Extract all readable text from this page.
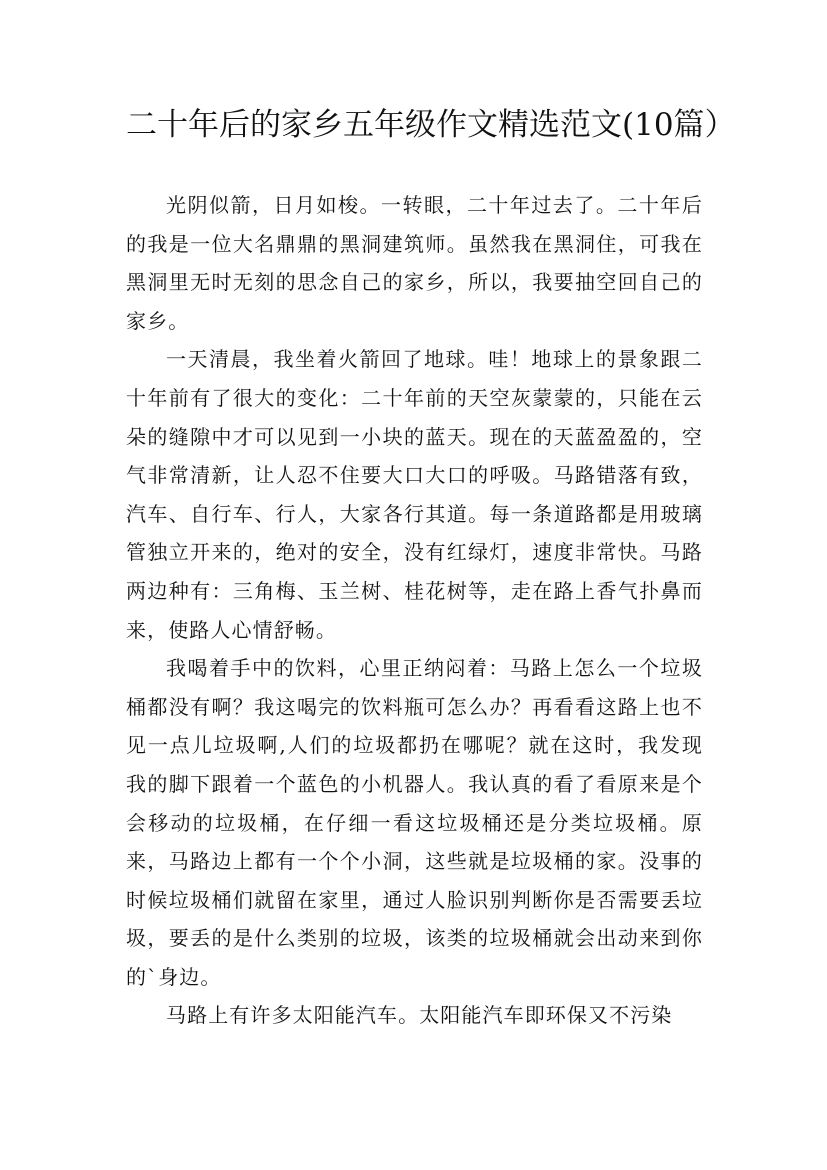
二十年后的家乡五年级作文精选范文(10篇）

光阴似箭，日月如梭。一转眼，二十年过去了。二十年后的我是一位大名鼎鼎的黑洞建筑师。虽然我在黑洞住，可我在黑洞里无时无刻的思念自己的家乡，所以，我要抽空回自己的家乡。

一天清晨，我坐着火箭回了地球。哇！地球上的景象跟二十年前有了很大的变化：二十年前的天空灰蒙蒙的，只能在云朵的缝隙中才可以见到一小块的蓝天。现在的天蓝盈盈的，空气非常清新，让人忍不住要大口大口的呼吸。马路错落有致，汽车、自行车、行人，大家各行其道。每一条道路都是用玻璃管独立开来的，绝对的安全，没有红绿灯，速度非常快。马路两边种有：三角梅、玉兰树、桂花树等，走在路上香气扑鼻而来，使路人心情舒畅。

我喝着手中的饮料，心里正纳闷着：马路上怎么一个垃圾桶都没有啊？我这喝完的饮料瓶可怎么办？再看看这路上也不见一点儿垃圾啊,人们的垃圾都扔在哪呢？就在这时，我发现我的脚下跟着一个蓝色的小机器人。我认真的看了看原来是个会移动的垃圾桶，在仔细一看这垃圾桶还是分类垃圾桶。原来，马路边上都有一个个小洞，这些就是垃圾桶的家。没事的时候垃圾桶们就留在家里，通过人脸识别判断你是否需要丢垃圾，要丢的是什么类别的垃圾，该类的垃圾桶就会出动来到你的`身边。

马路上有许多太阳能汽车。太阳能汽车即环保又不污染
